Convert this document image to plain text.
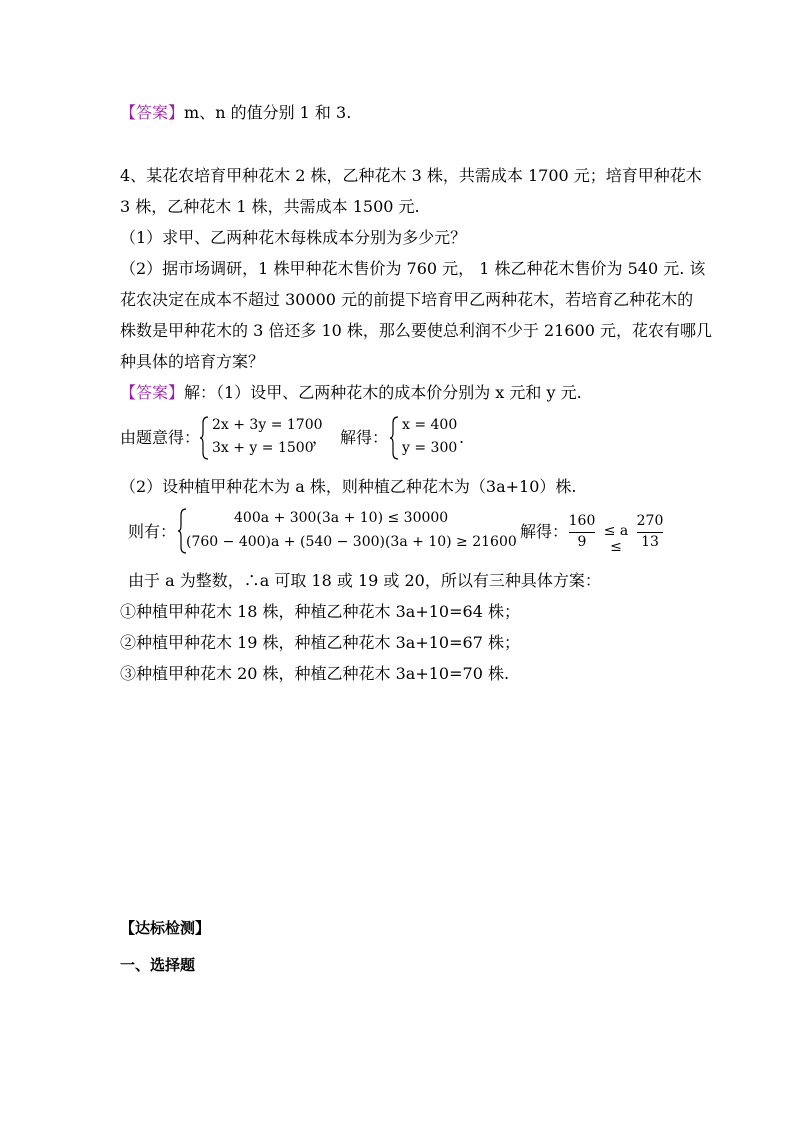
【答案】m、n 的值分别 1 和 3.
4、某花农培育甲种花木 2 株，乙种花木 3 株，共需成本 1700 元；培育甲种花木
3 株，乙种花木 1 株，共需成本 1500 元.
（1）求甲、乙两种花木每株成本分别为多少元？
（2）据市场调研，1 株甲种花木售价为 760 元， 1 株乙种花木售价为 540 元. 该
花农决定在成本不超过 30000 元的前提下培育甲乙两种花木，若培育乙种花木的
株数是甲种花木的 3 倍还多 10 株，那么要使总利润不少于 21600 元，花农有哪几
种具体的培育方案？
【答案】解：（1）设甲、乙两种花木的成本价分别为 x 元和 y 元.
由题意得：
2x + 3y = 1700
3x + y = 1500
， 解得：
x = 400
y = 300
.
（2）设种植甲种花木为 a 株，则种植乙种花木为（3a+10）株.
则有：
400a + 300(3a + 10) ≤ 30000
(760 − 400)a + (540 − 300)(3a + 10) ≥ 21600
解得：
160
9
≤ a ≤
270
13
由于 a 为整数，∴a 可取 18 或 19 或 20，所以有三种具体方案：
①种植甲种花木 18 株，种植乙种花木 3a+10=64 株；
②种植甲种花木 19 株，种植乙种花木 3a+10=67 株；
③种植甲种花木 20 株，种植乙种花木 3a+10=70 株.
【达标检测】
一、选择题
